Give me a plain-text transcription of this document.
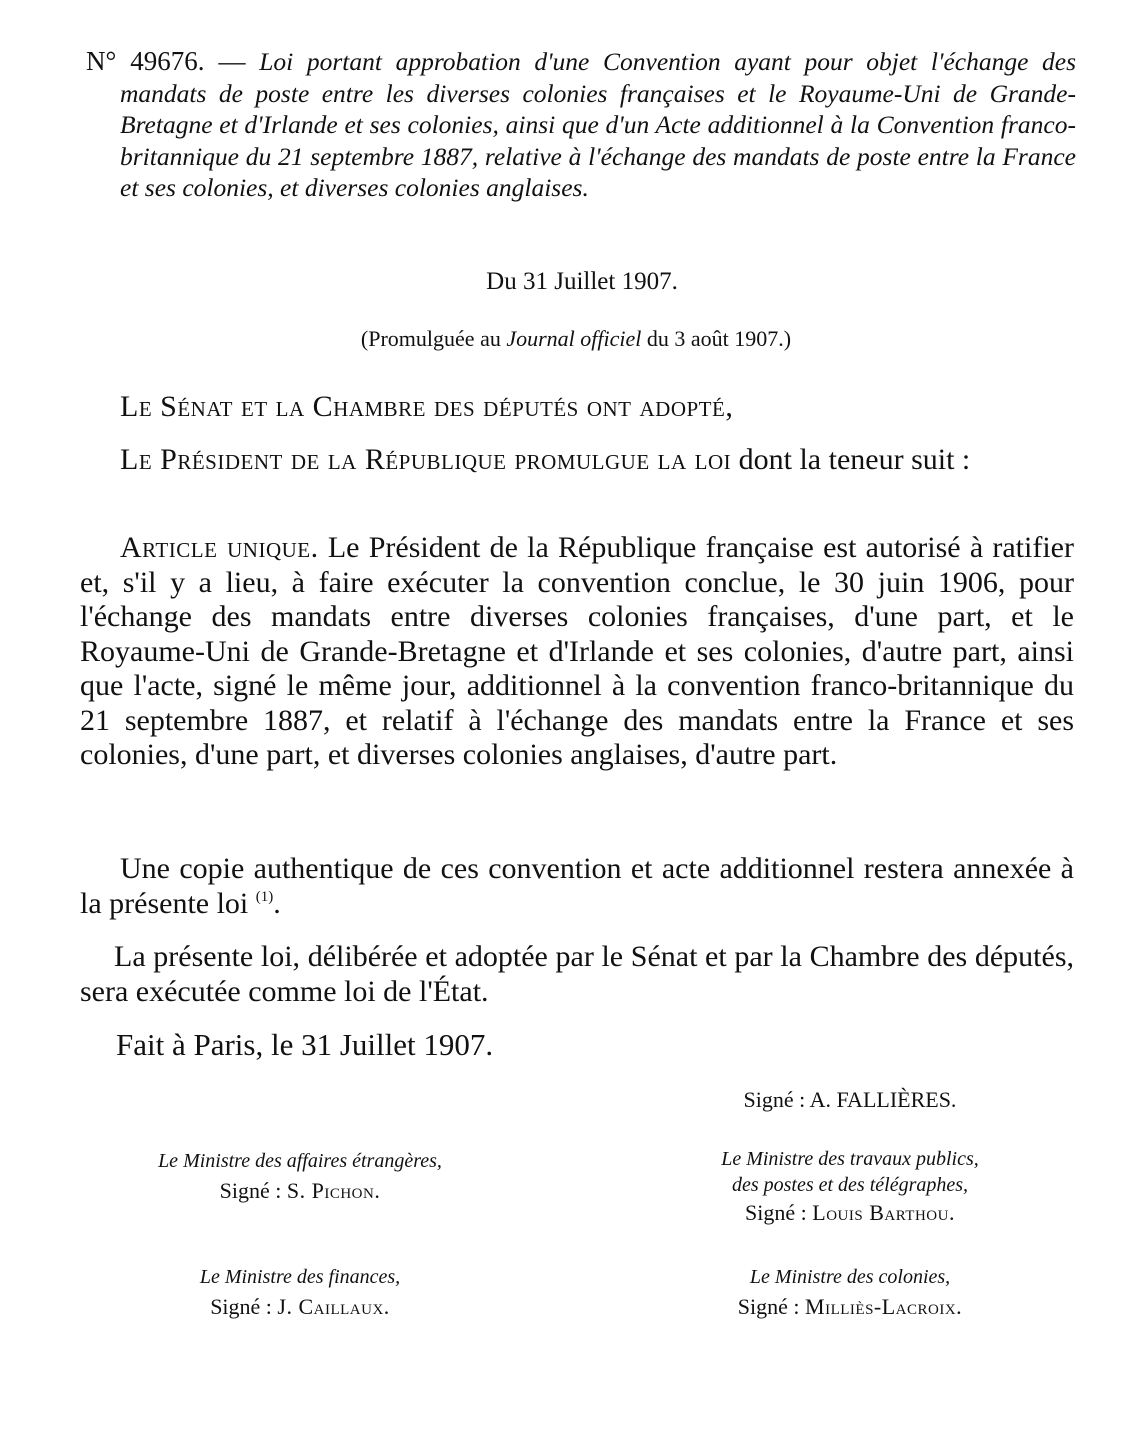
N° 49676. — Loi portant approbation d'une Convention ayant pour objet l'échange des mandats de poste entre les diverses colonies françaises et le Royaume-Uni de Grande-Bretagne et d'Irlande et ses colonies, ainsi que d'un Acte additionnel à la Convention franco-britannique du 21 septembre 1887, relative à l'échange des mandats de poste entre la France et ses colonies, et diverses colonies anglaises.
Du 31 Juillet 1907.
(Promulguée au Journal officiel du 3 août 1907.)
Le Sénat et la Chambre des députés ont adopté,
Le Président de la République promulgue la loi dont la teneur suit :
Article unique. Le Président de la République française est autorisé à ratifier et, s'il y a lieu, à faire exécuter la convention conclue, le 30 juin 1906, pour l'échange des mandats entre diverses colonies françaises, d'une part, et le Royaume-Uni de Grande-Bretagne et d'Irlande et ses colonies, d'autre part, ainsi que l'acte, signé le même jour, additionnel à la convention franco-britannique du 21 septembre 1887, et relatif à l'échange des mandats entre la France et ses colonies, d'une part, et diverses colonies anglaises, d'autre part.
Une copie authentique de ces convention et acte additionnel restera annexée à la présente loi $^{(1)}$.
La présente loi, délibérée et adoptée par le Sénat et par la Chambre des députés, sera exécutée comme loi de l'État.
Fait à Paris, le 31 Juillet 1907.
Signé : A. FALLIÈRES.
Le Ministre des affaires étrangères,
Signé : S. Pichon.
Le Ministre des travaux publics,
des postes et des télégraphes,
Signé : Louis Barthou.
Le Ministre des finances,
Signé : J. Caillaux.
Le Ministre des colonies,
Signé : Milliès-Lacroix.
